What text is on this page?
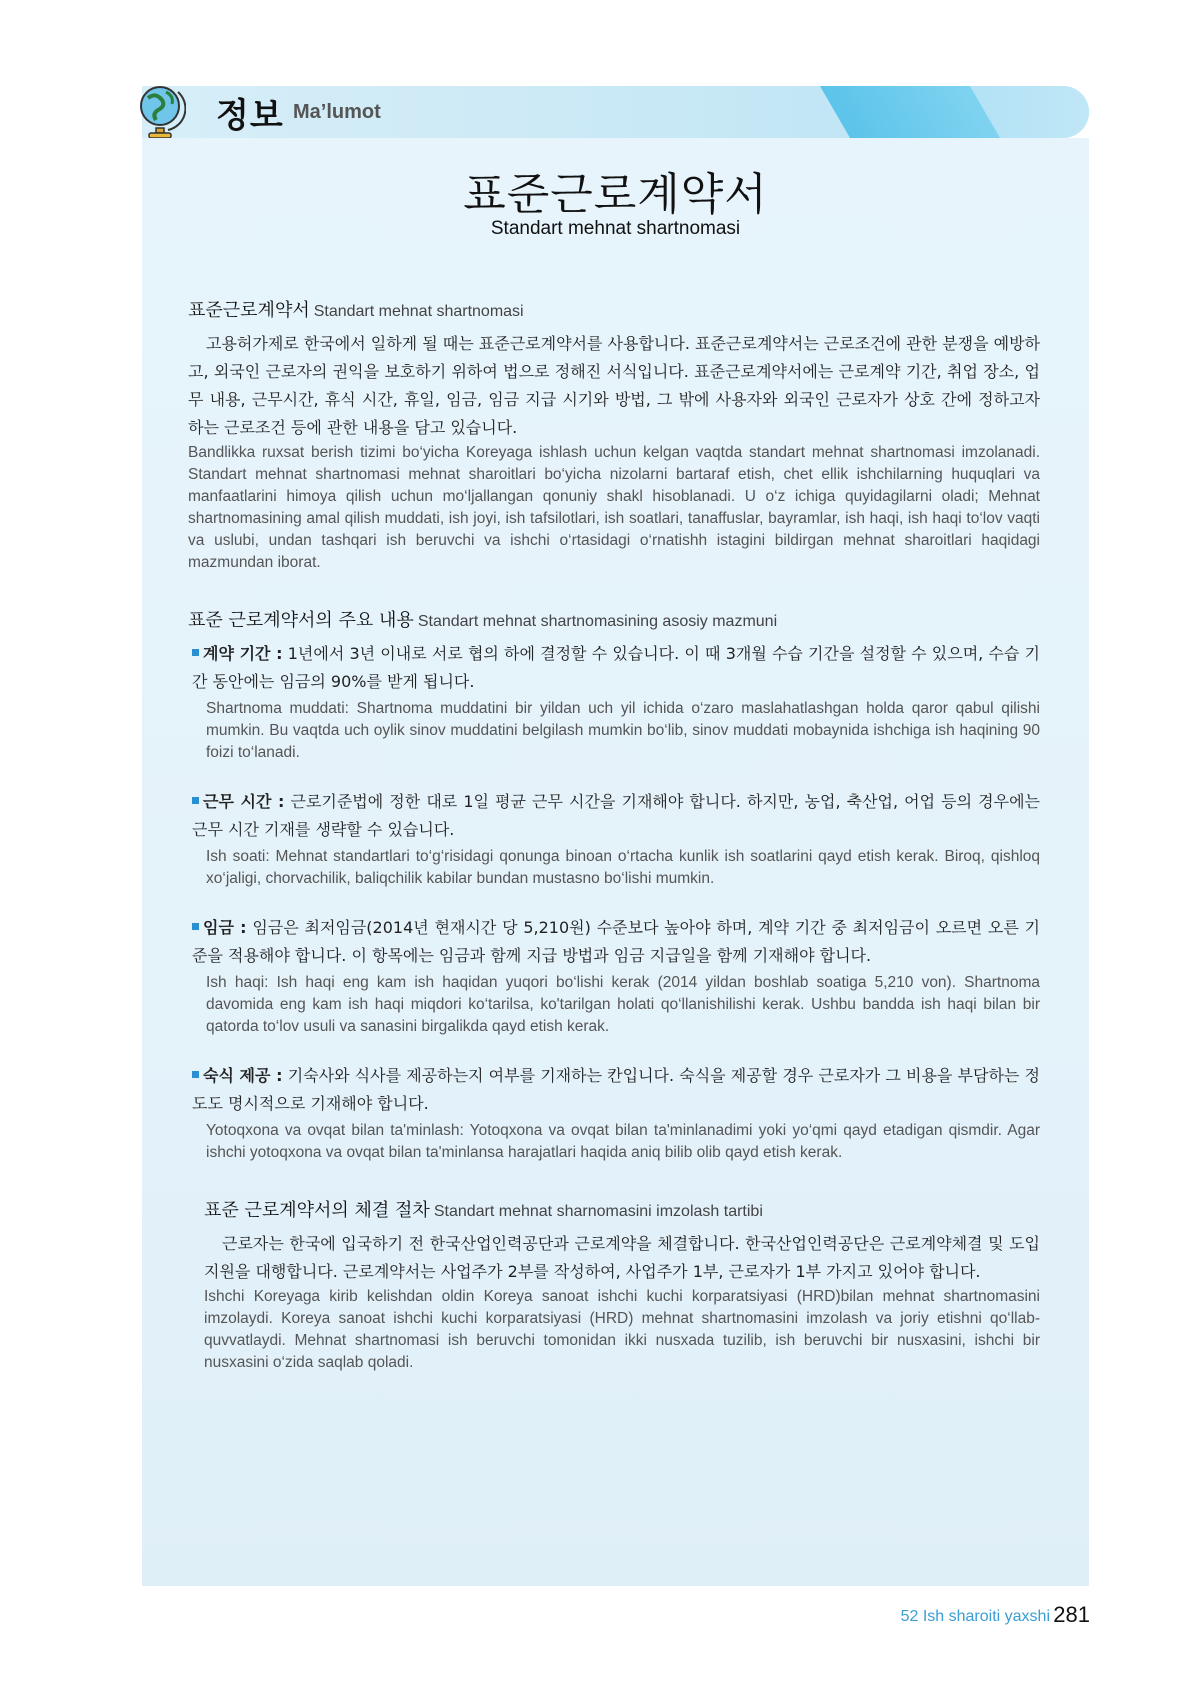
정보 Ma’lumot
표준근로계약서
Standart mehnat shartnomasi
표준근로계약서 Standart mehnat shartnomasi

고용허가제로 한국에서 일하게 될 때는 표준근로계약서를 사용합니다. 표준근로계약서는 근로조건에 관한 분쟁을 예방하고, 외국인 근로자의 권익을 보호하기 위하여 법으로 정해진 서식입니다. 표준근로계약서에는 근로계약 기간, 취업 장소, 업무 내용, 근무시간, 휴식 시간, 휴일, 임금, 임금 지급 시기와 방법, 그 밖에 사용자와 외국인 근로자가 상호 간에 정하고자 하는 근로조건 등에 관한 내용을 담고 있습니다.

Bandlikka ruxsat berish tizimi bo‘yicha Koreyaga ishlash uchun kelgan vaqtda standart mehnat shartnomasi imzolanadi. Standart mehnat shartnomasi mehnat sharoitlari bo‘yicha nizolarni bartaraf etish, chet ellik ishchilarning huquqlari va manfaatlarini himoya qilish uchun mo‘ljallangan qonuniy shakl hisoblanadi. U o‘z ichiga quyidagilarni oladi; Mehnat shartnomasining amal qilish muddati, ish joyi, ish tafsilotlari, ish soatlari, tanaffuslar, bayramlar, ish haqi, ish haqi to‘lov vaqti va uslubi, undan tashqari ish beruvchi va ishchi o‘rtasidagi o‘rnatishh istagini bildirgan mehnat sharoitlari haqidagi mazmundan iborat.

표준 근로계약서의 주요 내용 Standart mehnat shartnomasining asosiy mazmuni
계약 기간 : 1년에서 3년 이내로 서로 협의 하에 결정할 수 있습니다. 이 때 3개월 수습 기간을 설정할 수 있으며, 수습 기간 동안에는 임금의 90%를 받게 됩니다.

Shartnoma muddati: Shartnoma muddatini bir yildan uch yil ichida o‘zaro maslahatlashgan holda qaror qabul qilishi mumkin. Bu vaqtda uch oylik sinov muddatini belgilash mumkin bo‘lib, sinov muddati mobaynida ishchiga ish haqining 90 foizi to‘lanadi.

근무 시간 : 근로기준법에 정한 대로 1일 평균 근무 시간을 기재해야 합니다. 하지만, 농업, 축산업, 어업 등의 경우에는 근무 시간 기재를 생략할 수 있습니다.

Ish soati: Mehnat standartlari to‘g‘risidagi qonunga binoan o‘rtacha kunlik ish soatlarini qayd etish kerak. Biroq, qishloq xo‘jaligi, chorvachilik, baliqchilik kabilar bundan mustasno bo‘lishi mumkin.

임금 : 임금은 최저임금(2014년 현재시간 당 5,210원) 수준보다 높아야 하며, 계약 기간 중 최저임금이 오르면 오른 기준을 적용해야 합니다. 이 항목에는 임금과 함께 지급 방법과 임금 지급일을 함께 기재해야 합니다.

Ish haqi: Ish haqi eng kam ish haqidan yuqori bo‘lishi kerak (2014 yildan boshlab soatiga 5,210 von). Shartnoma davomida eng kam ish haqi miqdori ko‘tarilsa, ko'tarilgan holati qo‘llanishilishi kerak. Ushbu bandda ish haqi bilan bir qatorda to‘lov usuli va sanasini birgalikda qayd etish kerak.

숙식 제공 : 기숙사와 식사를 제공하는지 여부를 기재하는 칸입니다. 숙식을 제공할 경우 근로자가 그 비용을 부담하는 정도도 명시적으로 기재해야 합니다.

Yotoqxona va ovqat bilan ta'minlash: Yotoqxona va ovqat bilan ta'minlanadimi yoki yo‘qmi qayd etadigan qismdir. Agar ishchi yotoqxona va ovqat bilan ta'minlansa harajatlari haqida aniq bilib olib qayd etish kerak.

표준 근로계약서의 체결 절차 Standart mehnat sharnomasini imzolash tartibi

근로자는 한국에 입국하기 전 한국산업인력공단과 근로계약을 체결합니다. 한국산업인력공단은 근로계약체결 및 도입지원을 대행합니다. 근로계약서는 사업주가 2부를 작성하여, 사업주가 1부, 근로자가 1부 가지고 있어야 합니다.

Ishchi Koreyaga kirib kelishdan oldin Koreya sanoat ishchi kuchi korparatsiyasi (HRD)bilan mehnat shartnomasini imzolaydi. Koreya sanoat ishchi kuchi korparatsiyasi (HRD) mehnat shartnomasini imzolash va joriy etishni qo‘llab-quvvatlaydi. Mehnat shartnomasi ish beruvchi tomonidan ikki nusxada tuzilib, ish beruvchi bir nusxasini, ishchi bir nusxasini o‘zida saqlab qoladi.

52 Ish sharoiti yaxshi 281
